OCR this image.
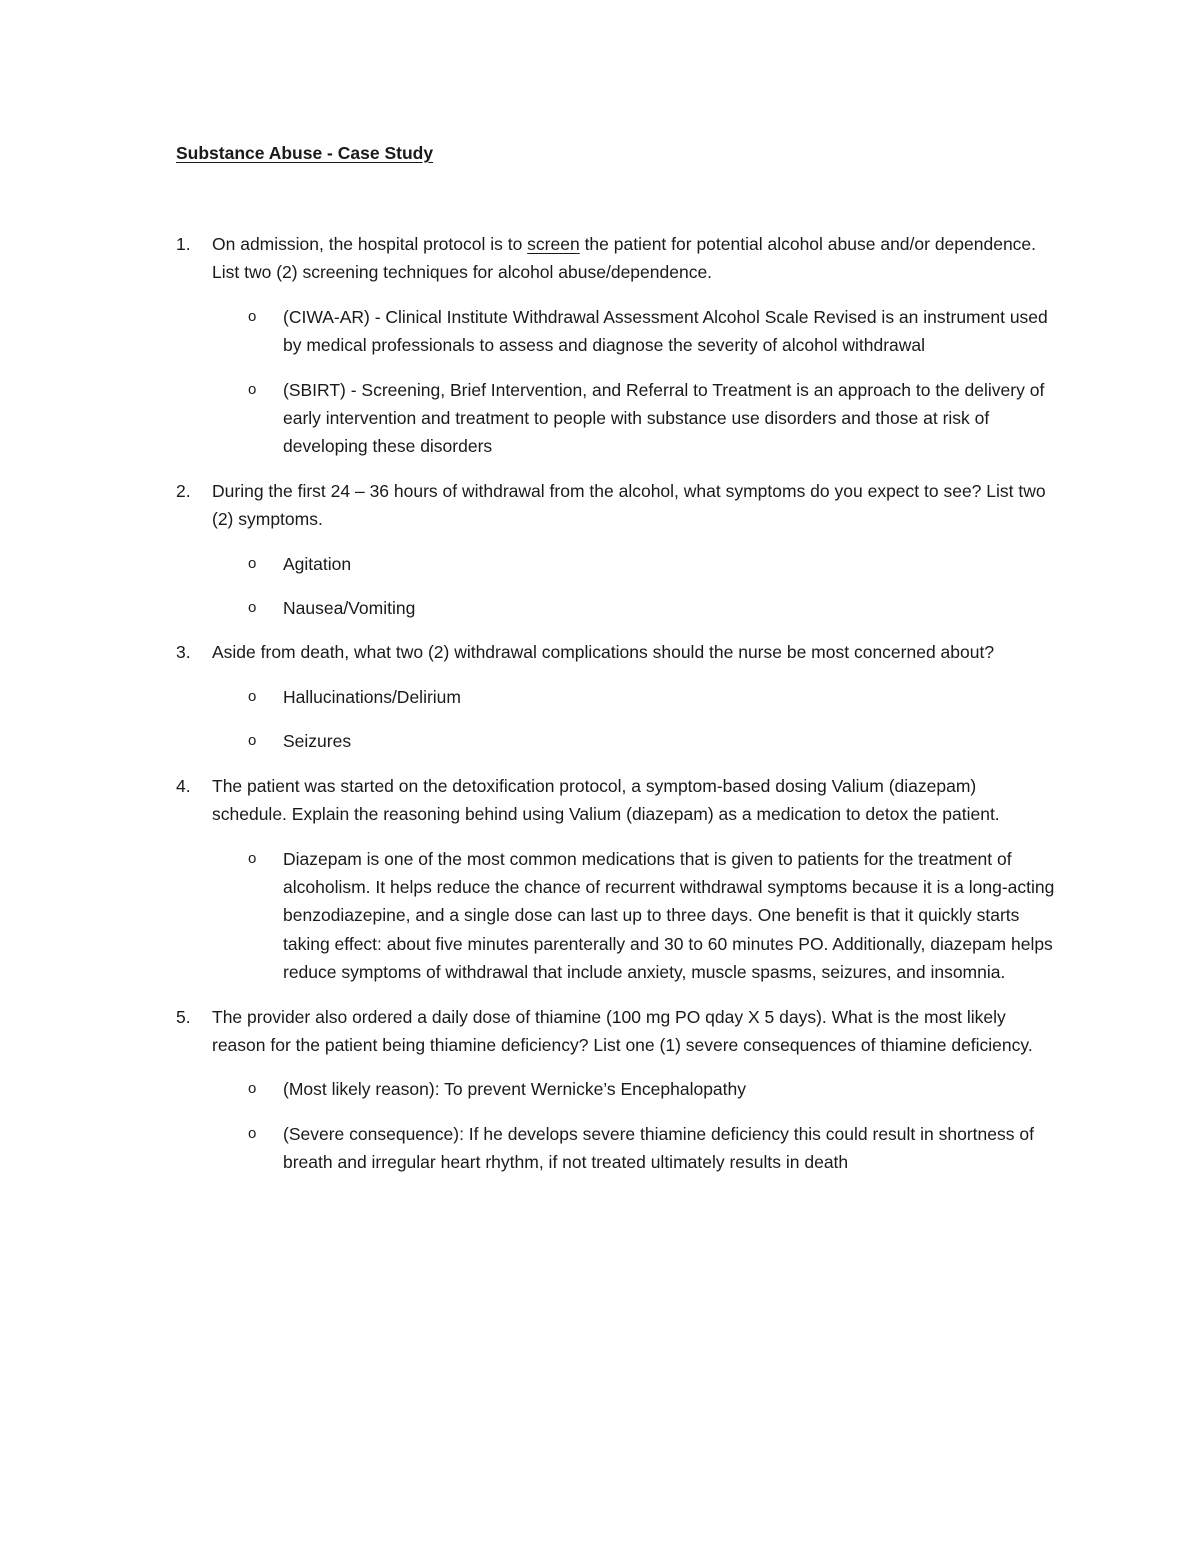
Substance Abuse - Case Study
1. On admission, the hospital protocol is to screen the patient for potential alcohol abuse and/or dependence. List two (2) screening techniques for alcohol abuse/dependence.

o (CIWA-AR) - Clinical Institute Withdrawal Assessment Alcohol Scale Revised is an instrument used by medical professionals to assess and diagnose the severity of alcohol withdrawal
o (SBIRT) - Screening, Brief Intervention, and Referral to Treatment is an approach to the delivery of early intervention and treatment to people with substance use disorders and those at risk of developing these disorders
2. During the first 24 – 36 hours of withdrawal from the alcohol, what symptoms do you expect to see? List two (2) symptoms.

o Agitation
o Nausea/Vomiting
3. Aside from death, what two (2) withdrawal complications should the nurse be most concerned about?

o Hallucinations/Delirium
o Seizures
4. The patient was started on the detoxification protocol, a symptom-based dosing Valium (diazepam) schedule. Explain the reasoning behind using Valium (diazepam) as a medication to detox the patient.

o Diazepam is one of the most common medications that is given to patients for the treatment of alcoholism. It helps reduce the chance of recurrent withdrawal symptoms because it is a long-acting benzodiazepine, and a single dose can last up to three days. One benefit is that it quickly starts taking effect: about five minutes parenterally and 30 to 60 minutes PO. Additionally, diazepam helps reduce symptoms of withdrawal that include anxiety, muscle spasms, seizures, and insomnia.
5. The provider also ordered a daily dose of thiamine (100 mg PO qday X 5 days). What is the most likely reason for the patient being thiamine deficiency? List one (1) severe consequences of thiamine deficiency.

o (Most likely reason): To prevent Wernicke’s Encephalopathy
o (Severe consequence): If he develops severe thiamine deficiency this could result in shortness of breath and irregular heart rhythm, if not treated ultimately results in death
